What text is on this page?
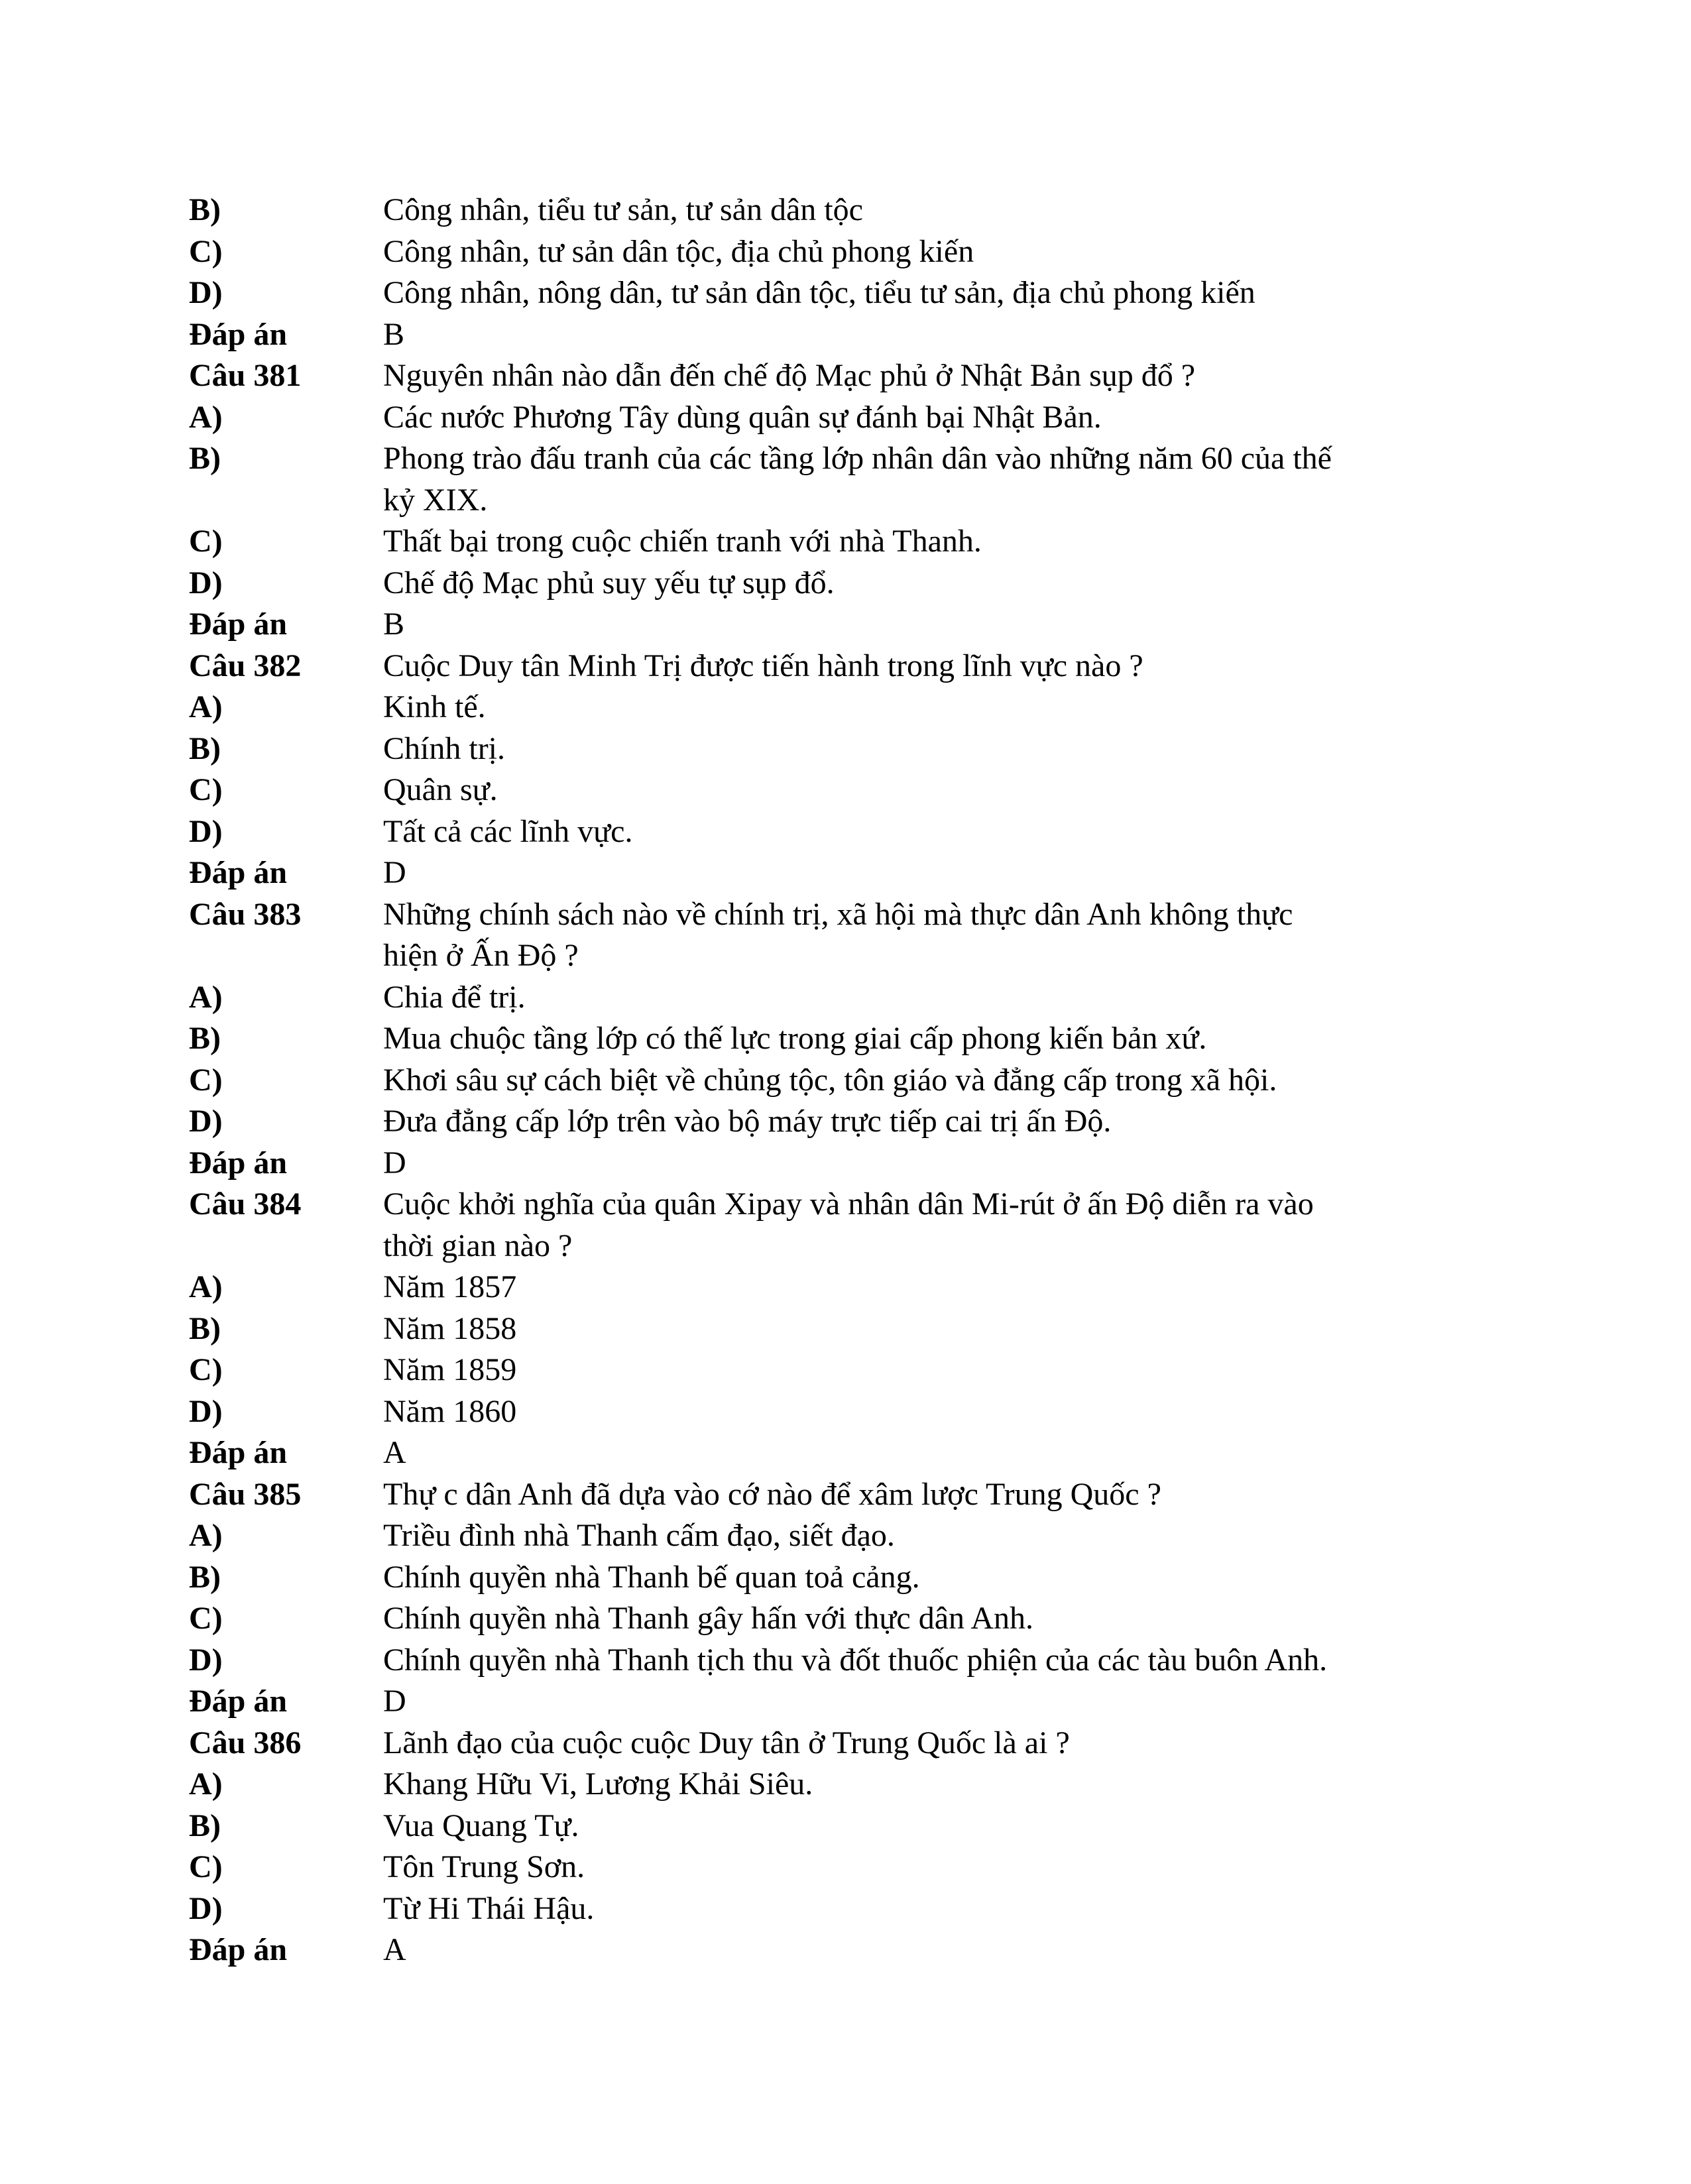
B)	Công nhân, tiểu tư sản, tư sản dân tộc
C)	Công nhân, tư sản dân tộc, địa chủ phong kiến
D)	Công nhân, nông dân, tư sản dân tộc, tiểu tư sản, địa chủ phong kiến
Đáp án	B
Câu 381	Nguyên nhân nào dẫn đến chế độ Mạc phủ ở Nhật Bản sụp đổ ?
A)	Các nước Phương Tây dùng quân sự đánh bại Nhật Bản.
B)	Phong trào đấu tranh của các tầng lớp nhân dân vào những năm 60 của thế
kỷ XIX.
C)	Thất bại trong cuộc chiến tranh với nhà Thanh.
D)	Chế độ Mạc phủ suy yếu tự sụp đổ.
Đáp án	B
Câu 382	Cuộc Duy tân Minh Trị được tiến hành trong lĩnh vực nào ?
A)	Kinh tế.
B)	Chính trị.
C)	Quân sự.
D)	Tất cả các lĩnh vực.
Đáp án	D
Câu 383	Những chính sách nào về chính trị, xã hội mà thực dân Anh không thực
hiện ở Ấn Độ ?
A)	Chia để trị.
B)	Mua chuộc tầng lớp có thế lực trong giai cấp phong kiến bản xứ.
C)	Khơi sâu sự cách biệt về chủng tộc, tôn giáo và đẳng cấp trong xã hội.
D)	Đưa đẳng cấp lớp trên vào bộ máy trực tiếp cai trị ấn Độ.
Đáp án	D
Câu 384	Cuộc khởi nghĩa của quân Xipay và nhân dân Mi-rút ở ấn Độ diễn ra vào
thời gian nào ?
A)	Năm 1857
B)	Năm 1858
C)	Năm 1859
D)	Năm 1860
Đáp án	A
Câu 385	Thự c dân Anh đã dựa vào cớ nào để xâm lược Trung Quốc ?
A)	Triều đình nhà Thanh cấm đạo, siết đạo.
B)	Chính quyền nhà Thanh bế quan toả cảng.
C)	Chính quyền nhà Thanh gây hấn với thực dân Anh.
D)	Chính quyền nhà Thanh tịch thu và đốt thuốc phiện của các tàu buôn Anh.
Đáp án	D
Câu 386	Lãnh đạo của cuộc cuộc Duy tân ở Trung Quốc là ai ?
A)	Khang Hữu Vi, Lương Khải Siêu.
B)	Vua Quang Tự.
C)	Tôn Trung Sơn.
D)	Từ Hi Thái Hậu.
Đáp án	A
